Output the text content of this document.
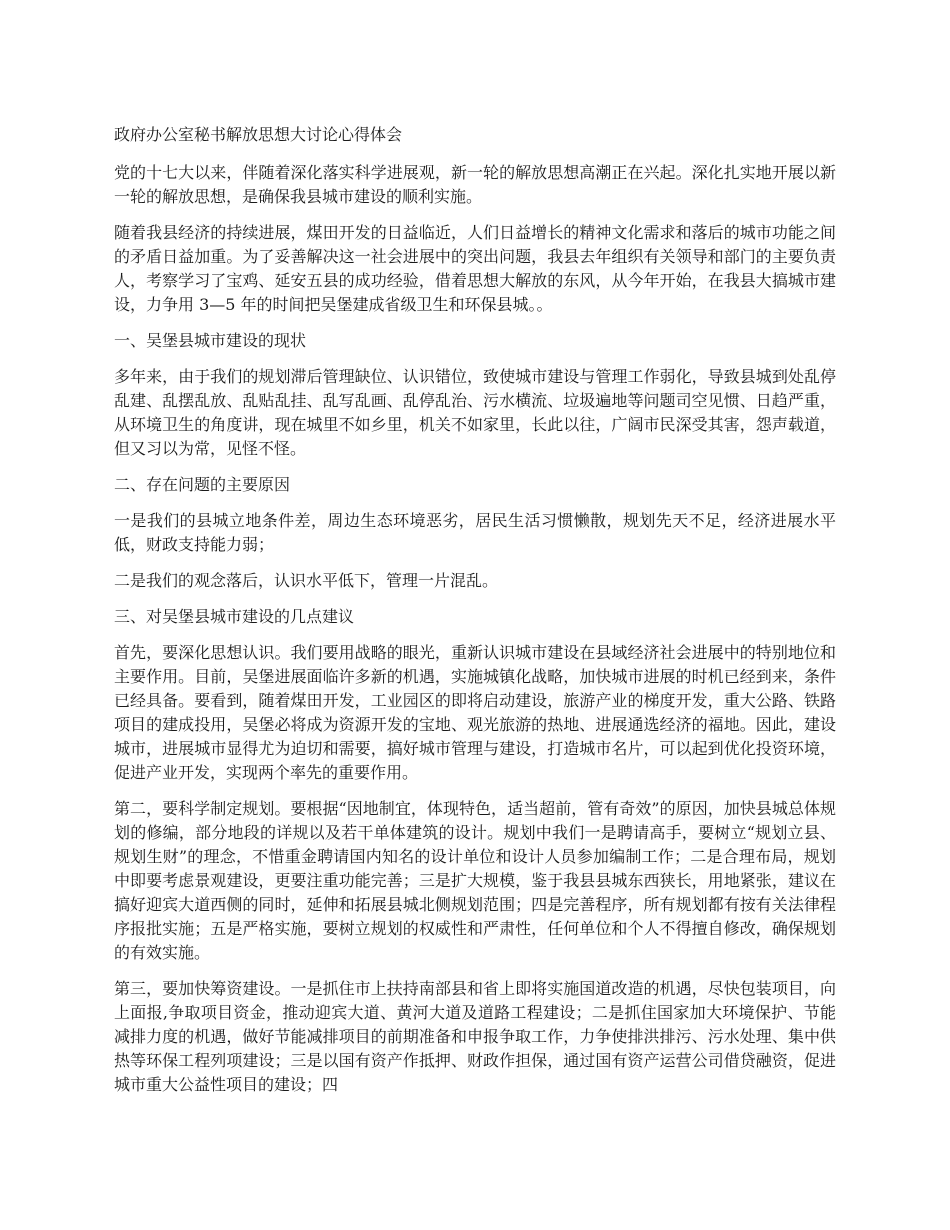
政府办公室秘书解放思想大讨论心得体会

党的十七大以来，伴随着深化落实科学进展观，新一轮的解放思想高潮正在兴起。深化扎实地开展以新一轮的解放思想，是确保我县城市建设的顺利实施。

随着我县经济的持续进展，煤田开发的日益临近，人们日益增长的精神文化需求和落后的城市功能之间的矛盾日益加重。为了妥善解决这一社会进展中的突出问题，我县去年组织有关领导和部门的主要负责人，考察学习了宝鸡、延安五县的成功经验，借着思想大解放的东风，从今年开始，在我县大搞城市建设，力争用 3—5 年的时间把吴堡建成省级卫生和环保县城。。

一、吴堡县城市建设的现状

多年来，由于我们的规划滞后管理缺位、认识错位，致使城市建设与管理工作弱化，导致县城到处乱停乱建、乱摆乱放、乱贴乱挂、乱写乱画、乱停乱治、污水横流、垃圾遍地等问题司空见惯、日趋严重，从环境卫生的角度讲，现在城里不如乡里，机关不如家里，长此以往，广阔市民深受其害，怨声载道，但又习以为常，见怪不怪。

二、存在问题的主要原因

一是我们的县城立地条件差，周边生态环境恶劣，居民生活习惯懒散，规划先天不足，经济进展水平低，财政支持能力弱；

二是我们的观念落后，认识水平低下，管理一片混乱。

三、对吴堡县城市建设的几点建议

首先，要深化思想认识。我们要用战略的眼光，重新认识城市建设在县域经济社会进展中的特别地位和主要作用。目前，吴堡进展面临许多新的机遇，实施城镇化战略，加快城市进展的时机已经到来，条件已经具备。要看到，随着煤田开发，工业园区的即将启动建设，旅游产业的梯度开发，重大公路、铁路项目的建成投用，吴堡必将成为资源开发的宝地、观光旅游的热地、进展通选经济的福地。因此，建设城市，进展城市显得尤为迫切和需要，搞好城市管理与建设，打造城市名片，可以起到优化投资环境，促进产业开发，实现两个率先的重要作用。

第二，要科学制定规划。要根据“因地制宜，体现特色，适当超前，管有奇效”的原因，加快县城总体规划的修编，部分地段的详规以及若干单体建筑的设计。规划中我们一是聘请高手，要树立“规划立县、规划生财”的理念，不惜重金聘请国内知名的设计单位和设计人员参加编制工作；二是合理布局，规划中即要考虑景观建设，更要注重功能完善；三是扩大规模，鉴于我县县城东西狭长，用地紧张，建议在搞好迎宾大道西侧的同时，延伸和拓展县城北侧规划范围；四是完善程序，所有规划都有按有关法律程序报批实施；五是严格实施，要树立规划的权威性和严肃性，任何单位和个人不得擅自修改，确保规划的有效实施。

第三，要加快筹资建设。一是抓住市上扶持南部县和省上即将实施国道改造的机遇，尽快包装项目，向上面报,争取项目资金，推动迎宾大道、黄河大道及道路工程建设；二是抓住国家加大环境保护、节能减排力度的机遇，做好节能减排项目的前期准备和申报争取工作，力争使排洪排污、污水处理、集中供热等环保工程列项建设；三是以国有资产作抵押、财政作担保，通过国有资产运营公司借贷融资，促进城市重大公益性项目的建设；四
